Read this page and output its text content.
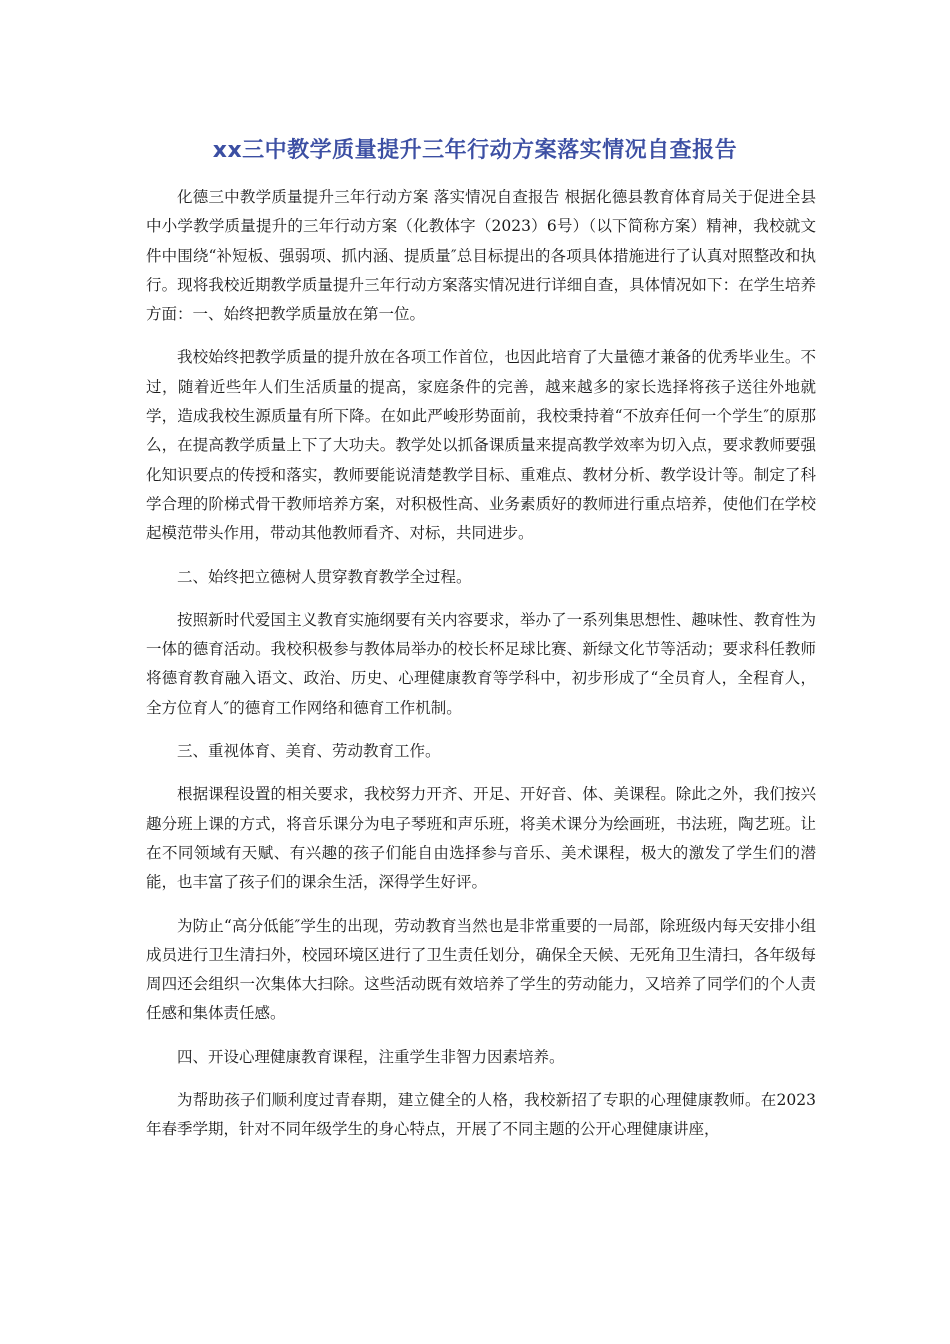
xx三中教学质量提升三年行动方案落实情况自查报告

化德三中教学质量提升三年行动方案 落实情况自查报告 根据化德县教育体育局关于促进全县中小学教学质量提升的三年行动方案（化教体字（2023）6号）（以下简称方案）精神，我校就文件中围绕“补短板、强弱项、抓内涵、提质量″总目标提出的各项具体措施进行了认真对照整改和执行。现将我校近期教学质量提升三年行动方案落实情况进行详细自查，具体情况如下：在学生培养方面：一、始终把教学质量放在第一位。

我校始终把教学质量的提升放在各项工作首位，也因此培育了大量德才兼备的优秀毕业生。不过，随着近些年人们生活质量的提高，家庭条件的完善，越来越多的家长选择将孩子送往外地就学，造成我校生源质量有所下降。在如此严峻形势面前，我校秉持着“不放弃任何一个学生″的原那么，在提高教学质量上下了大功夫。教学处以抓备课质量来提高教学效率为切入点，要求教师要强化知识要点的传授和落实，教师要能说清楚教学目标、重难点、教材分析、教学设计等。制定了科学合理的阶梯式骨干教师培养方案，对积极性高、业务素质好的教师进行重点培养，使他们在学校起模范带头作用，带动其他教师看齐、对标，共同进步。

二、始终把立德树人贯穿教育教学全过程。

按照新时代爱国主义教育实施纲要有关内容要求，举办了一系列集思想性、趣味性、教育性为一体的德育活动。我校积极参与教体局举办的校长杯足球比赛、新绿文化节等活动；要求科任教师将德育教育融入语文、政治、历史、心理健康教育等学科中，初步形成了“全员育人，全程育人，全方位育人″的德育工作网络和德育工作机制。

三、重视体育、美育、劳动教育工作。

根据课程设置的相关要求，我校努力开齐、开足、开好音、体、美课程。除此之外，我们按兴趣分班上课的方式，将音乐课分为电子琴班和声乐班，将美术课分为绘画班，书法班，陶艺班。让在不同领域有天赋、有兴趣的孩子们能自由选择参与音乐、美术课程，极大的激发了学生们的潜能，也丰富了孩子们的课余生活，深得学生好评。

为防止“高分低能″学生的出现，劳动教育当然也是非常重要的一局部，除班级内每天安排小组成员进行卫生清扫外，校园环境区进行了卫生责任划分，确保全天候、无死角卫生清扫，各年级每周四还会组织一次集体大扫除。这些活动既有效培养了学生的劳动能力，又培养了同学们的个人责任感和集体责任感。

四、开设心理健康教育课程，注重学生非智力因素培养。

为帮助孩子们顺利度过青春期，建立健全的人格，我校新招了专职的心理健康教师。在2023年春季学期，针对不同年级学生的身心特点，开展了不同主题的公开心理健康讲座，
